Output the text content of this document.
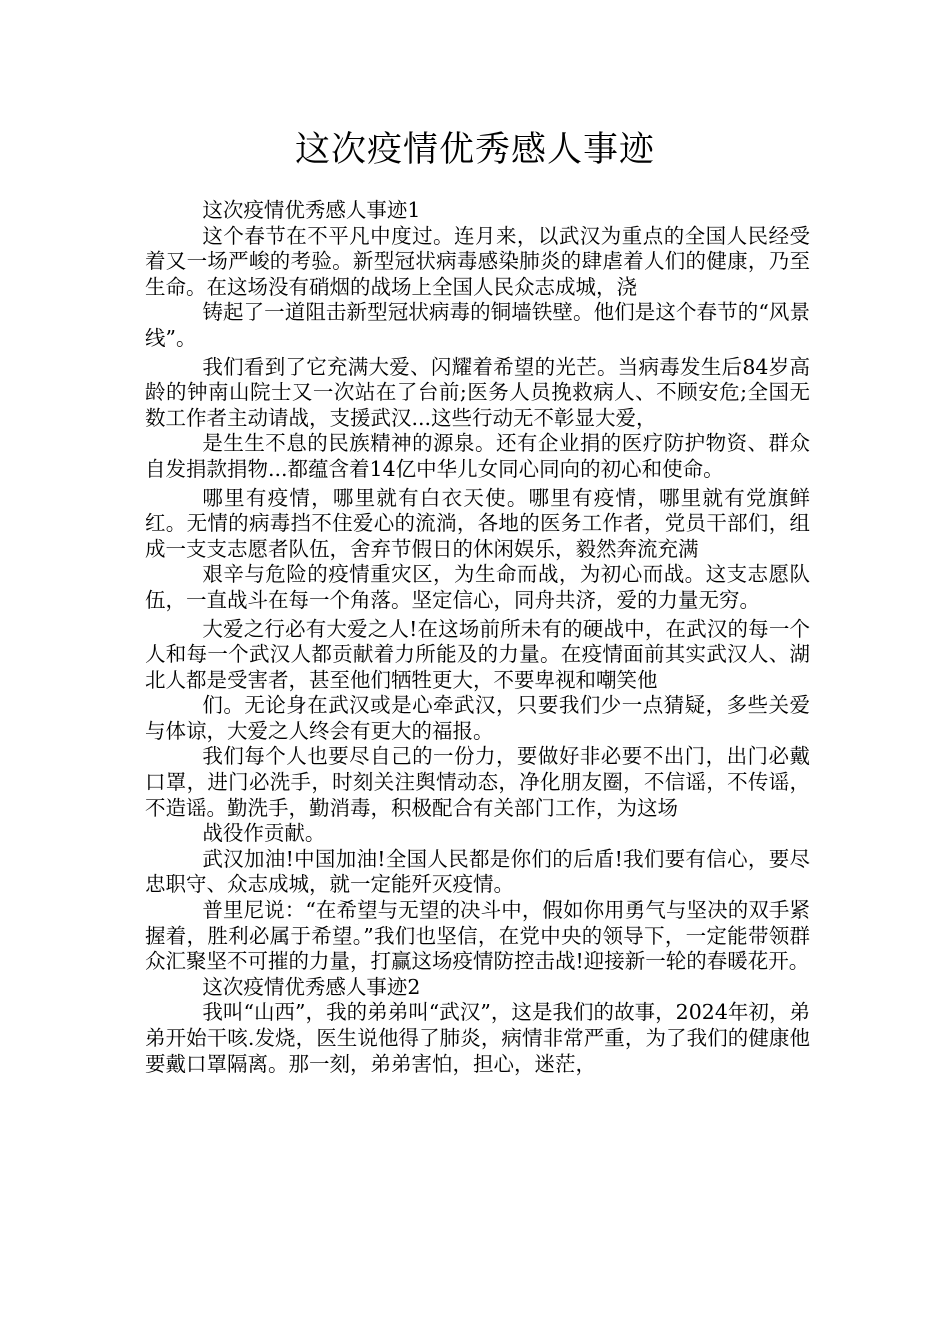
这次疫情优秀感人事迹

这次疫情优秀感人事迹1

这个春节在不平凡中度过。连月来，以武汉为重点的全国人民经受着又一场严峻的考验。新型冠状病毒感染肺炎的肆虐着人们的健康，乃至生命。在这场没有硝烟的战场上全国人民众志成城，浇

铸起了一道阻击新型冠状病毒的铜墙铁壁。他们是这个春节的“风景线”。

我们看到了它充满大爱、闪耀着希望的光芒。当病毒发生后84岁高龄的钟南山院士又一次站在了台前;医务人员挽救病人、不顾安危;全国无数工作者主动请战，支援武汉...这些行动无不彰显大爱，

是生生不息的民族精神的源泉。还有企业捐的医疗防护物资、群众自发捐款捐物...都蕴含着14亿中华儿女同心同向的初心和使命。

哪里有疫情，哪里就有白衣天使。哪里有疫情，哪里就有党旗鲜红。无情的病毒挡不住爱心的流淌，各地的医务工作者，党员干部们，组成一支支志愿者队伍，舍弃节假日的休闲娱乐，毅然奔流充满

艰辛与危险的疫情重灾区，为生命而战，为初心而战。这支志愿队伍，一直战斗在每一个角落。坚定信心，同舟共济，爱的力量无穷。

大爱之行必有大爱之人!在这场前所未有的硬战中，在武汉的每一个人和每一个武汉人都贡献着力所能及的力量。在疫情面前其实武汉人、湖北人都是受害者，甚至他们牺牲更大，不要卑视和嘲笑他

们。无论身在武汉或是心牵武汉，只要我们少一点猜疑，多些关爱与体谅，大爱之人终会有更大的福报。

我们每个人也要尽自己的一份力，要做好非必要不出门，出门必戴口罩，进门必洗手，时刻关注舆情动态，净化朋友圈，不信谣，不传谣，不造谣。勤洗手，勤消毒，积极配合有关部门工作，为这场

战役作贡献。

武汉加油!中国加油!全国人民都是你们的后盾!我们要有信心，要尽忠职守、众志成城，就一定能歼灭疫情。

普里尼说：“在希望与无望的决斗中，假如你用勇气与坚决的双手紧握着，胜利必属于希望。”我们也坚信，在党中央的领导下，一定能带领群众汇聚坚不可摧的力量，打赢这场疫情防控击战!迎接新一轮的春暖花开。

这次疫情优秀感人事迹2

我叫“山西”，我的弟弟叫“武汉”，这是我们的故事，2024年初，弟弟开始干咳.发烧，医生说他得了肺炎，病情非常严重，为了我们的健康他要戴口罩隔离。那一刻，弟弟害怕，担心，迷茫，
